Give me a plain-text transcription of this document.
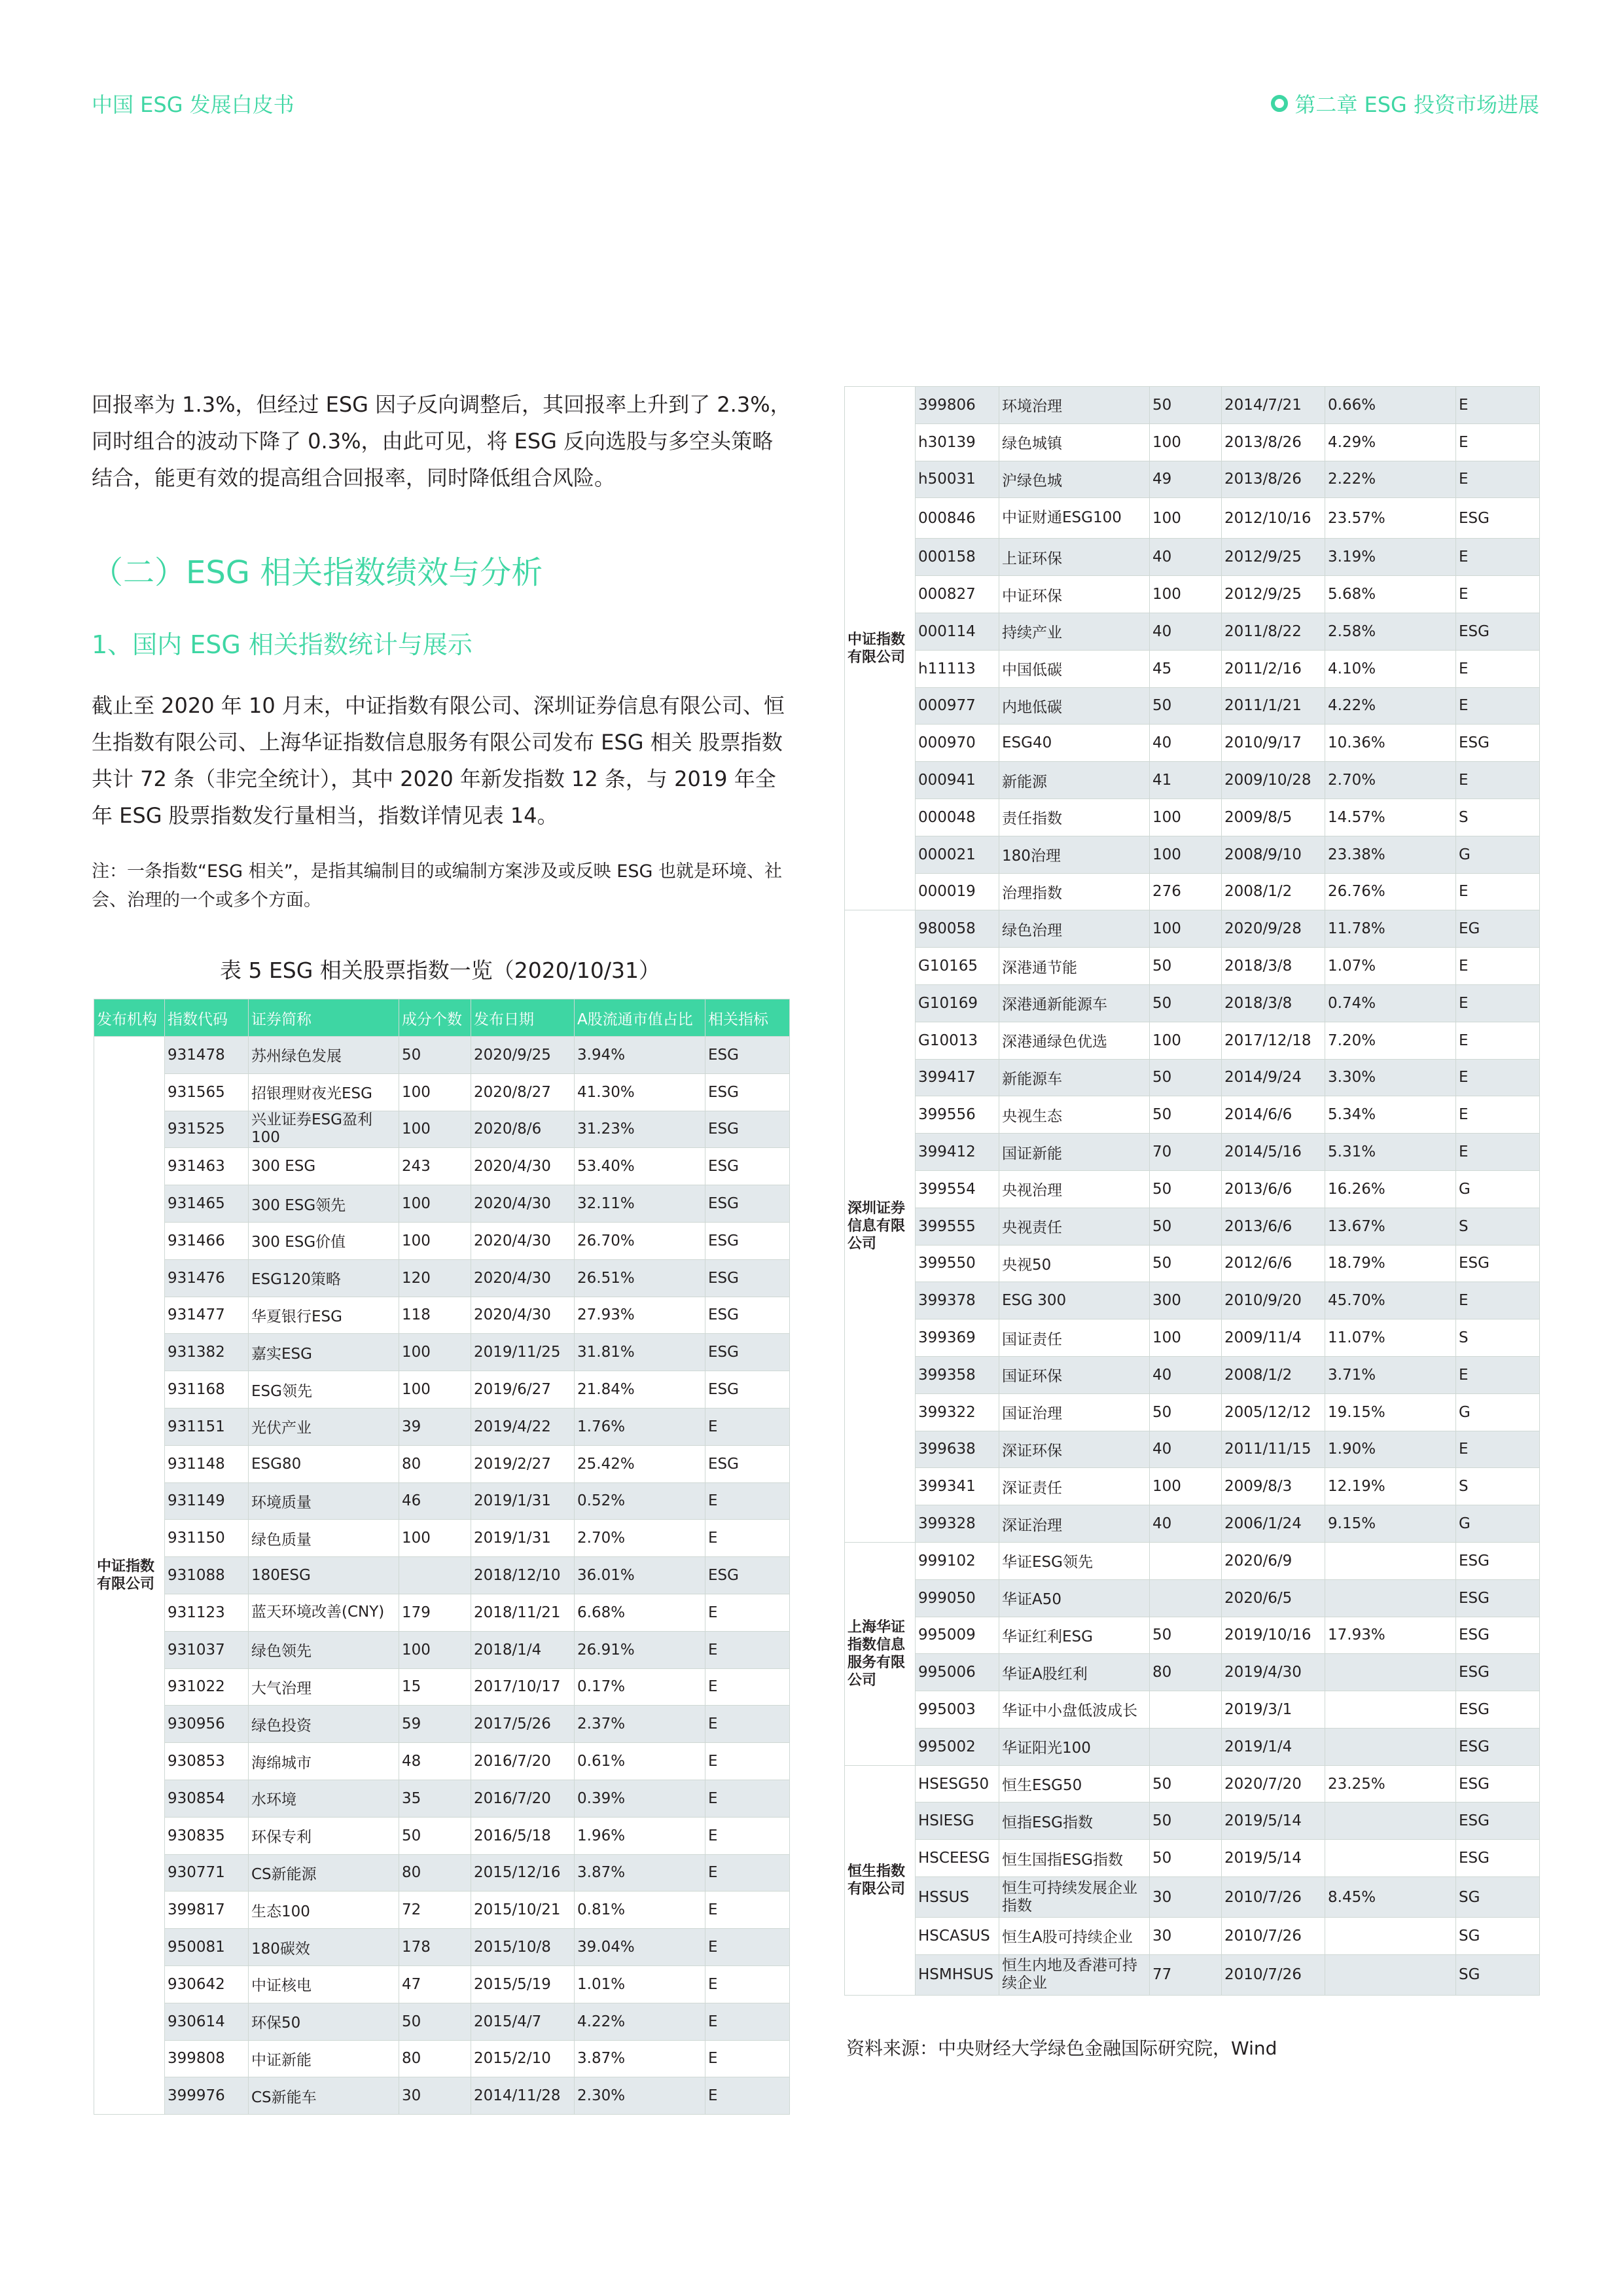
中国 ESG 发展白皮书	第二章 ESG 投资市场进展
回报率为 1.3%，但经过 ESG 因子反向调整后，其回报率上升到了 2.3%，同时组合的波动下降了 0.3%，由此可见，将 ESG 反向选股与多空头策略结合，能更有效的提高组合回报率，同时降低组合风险。
（二）ESG 相关指数绩效与分析
1、国内 ESG 相关指数统计与展示
截止至 2020 年 10 月末，中证指数有限公司、深圳证券信息有限公司、恒生指数有限公司、上海华证指数信息服务有限公司发布 ESG 相关 股票指数共计 72 条（非完全统计），其中 2020 年新发指数 12 条，与 2019 年全年 ESG 股票指数发行量相当，指数详情见表 14。
注：一条指数“ESG 相关”，是指其编制目的或编制方案涉及或反映 ESG 也就是环境、社会、治理的一个或多个方面。
表 5 ESG 相关股票指数一览（2020/10/31）
发布机构	指数代码	证券简称	成分个数	发布日期	A股流通市值占比	相关指标
中证指数有限公司	931478	苏州绿色发展	50	2020/9/25	3.94%	ESG
	931565	招银理财夜光ESG	100	2020/8/27	41.30%	ESG
	931525	兴业证券ESG盈利100	100	2020/8/6	31.23%	ESG
	931463	300 ESG	243	2020/4/30	53.40%	ESG
	931465	300 ESG领先	100	2020/4/30	32.11%	ESG
	931466	300 ESG价值	100	2020/4/30	26.70%	ESG
	931476	ESG120策略	120	2020/4/30	26.51%	ESG
	931477	华夏银行ESG	118	2020/4/30	27.93%	ESG
	931382	嘉实ESG	100	2019/11/25	31.81%	ESG
	931168	ESG领先	100	2019/6/27	21.84%	ESG
	931151	光伏产业	39	2019/4/22	1.76%	E
	931148	ESG80	80	2019/2/27	25.42%	ESG
	931149	环境质量	46	2019/1/31	0.52%	E
	931150	绿色质量	100	2019/1/31	2.70%	E
	931088	180ESG		2018/12/10	36.01%	ESG
	931123	蓝天环境改善(CNY)	179	2018/11/21	6.68%	E
	931037	绿色领先	100	2018/1/4	26.91%	E
	931022	大气治理	15	2017/10/17	0.17%	E
	930956	绿色投资	59	2017/5/26	2.37%	E
	930853	海绵城市	48	2016/7/20	0.61%	E
	930854	水环境	35	2016/7/20	0.39%	E
	930835	环保专利	50	2016/5/18	1.96%	E
	930771	CS新能源	80	2015/12/16	3.87%	E
	399817	生态100	72	2015/10/21	0.81%	E
	950081	180碳效	178	2015/10/8	39.04%	E
	930642	中证核电	47	2015/5/19	1.01%	E
	930614	环保50	50	2015/4/7	4.22%	E
	399808	中证新能	80	2015/2/10	3.87%	E
	399976	CS新能车	30	2014/11/28	2.30%	E
中证指数有限公司	399806	环境治理	50	2014/7/21	0.66%	E
	h30139	绿色城镇	100	2013/8/26	4.29%	E
	h50031	沪绿色城	49	2013/8/26	2.22%	E
	000846	中证财通ESG100	100	2012/10/16	23.57%	ESG
	000158	上证环保	40	2012/9/25	3.19%	E
	000827	中证环保	100	2012/9/25	5.68%	E
	000114	持续产业	40	2011/8/22	2.58%	ESG
	h11113	中国低碳	45	2011/2/16	4.10%	E
	000977	内地低碳	50	2011/1/21	4.22%	E
	000970	ESG40	40	2010/9/17	10.36%	ESG
	000941	新能源	41	2009/10/28	2.70%	E
	000048	责任指数	100	2009/8/5	14.57%	S
	000021	180治理	100	2008/9/10	23.38%	G
	000019	治理指数	276	2008/1/2	26.76%	E
深圳证券信息有限公司	980058	绿色治理	100	2020/9/28	11.78%	EG
	G10165	深港通节能	50	2018/3/8	1.07%	E
	G10169	深港通新能源车	50	2018/3/8	0.74%	E
	G10013	深港通绿色优选	100	2017/12/18	7.20%	E
	399417	新能源车	50	2014/9/24	3.30%	E
	399556	央视生态	50	2014/6/6	5.34%	E
	399412	国证新能	70	2014/5/16	5.31%	E
	399554	央视治理	50	2013/6/6	16.26%	G
	399555	央视责任	50	2013/6/6	13.67%	S
	399550	央视50	50	2012/6/6	18.79%	ESG
	399378	ESG 300	300	2010/9/20	45.70%	E
	399369	国证责任	100	2009/11/4	11.07%	S
	399358	国证环保	40	2008/1/2	3.71%	E
	399322	国证治理	50	2005/12/12	19.15%	G
	399638	深证环保	40	2011/11/15	1.90%	E
	399341	深证责任	100	2009/8/3	12.19%	S
	399328	深证治理	40	2006/1/24	9.15%	G
上海华证指数信息服务有限公司	999102	华证ESG领先		2020/6/9		ESG
	999050	华证A50		2020/6/5		ESG
	995009	华证红利ESG	50	2019/10/16	17.93%	ESG
	995006	华证A股红利	80	2019/4/30		ESG
	995003	华证中小盘低波成长		2019/3/1		ESG
	995002	华证阳光100		2019/1/4		ESG
恒生指数有限公司	HSESG50	恒生ESG50	50	2020/7/20	23.25%	ESG
	HSIESG	恒指ESG指数	50	2019/5/14		ESG
	HSCEESG	恒生国指ESG指数	50	2019/5/14		ESG
	HSSUS	恒生可持续发展企业指数	30	2010/7/26	8.45%	SG
	HSCASUS	恒生A股可持续企业	30	2010/7/26		SG
	HSMHSUS	恒生内地及香港可持续企业	77	2010/7/26		SG
资料来源：中央财经大学绿色金融国际研究院，Wind
